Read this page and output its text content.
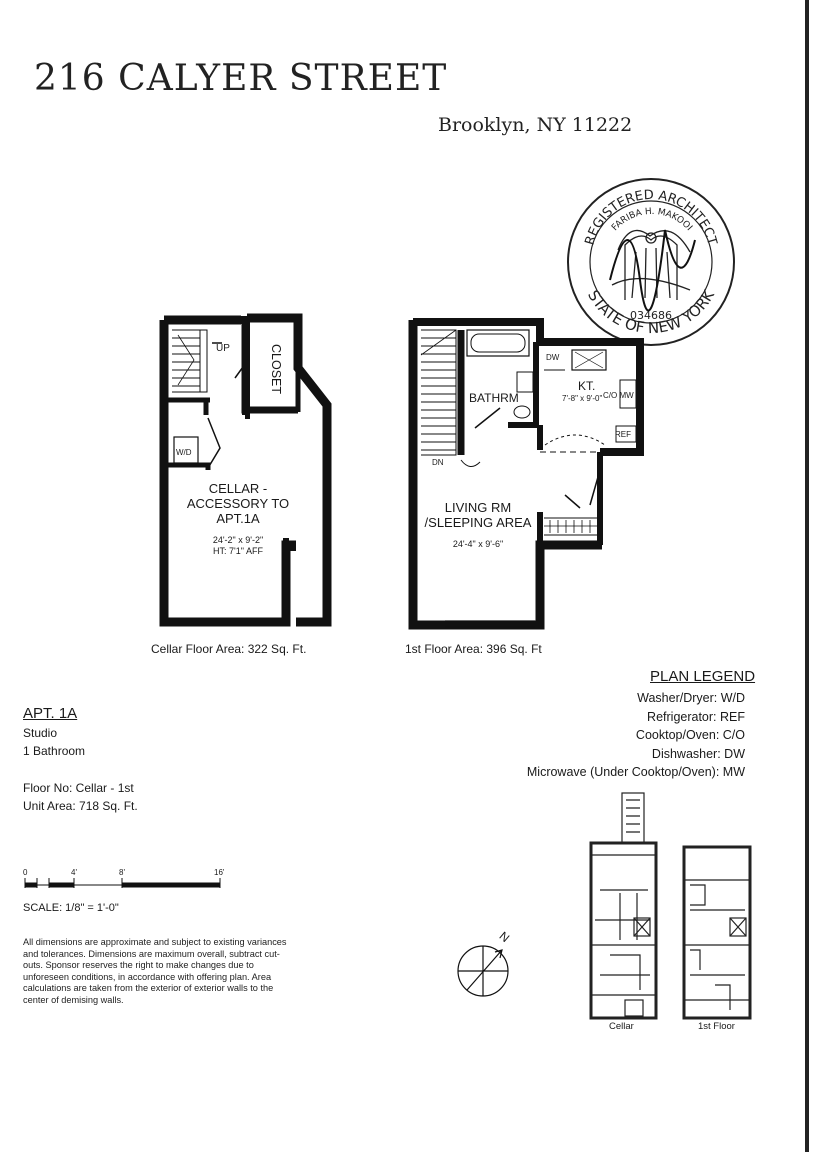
216 CALYER STREET
Brooklyn, NY 11222
REGISTERED ARCHITECT
STATE OF NEW YORK
FARIBA H. MAKOOI
034686
UP	CLOSET
W/D
CELLAR -
ACCESSORY TO
APT.1A
24'-2" x 9'-2"
HT: 7'1" AFF
Cellar Floor Area: 322 Sq. Ft.
DN
BATHRM
DW
KT.
7'-8" x 9'-0" C/O MW
REF
LIVING RM
/SLEEPING AREA
24'-4" x 9'-6"
1st Floor Area: 396 Sq. Ft
PLAN LEGEND
Washer/Dryer: W/D
Refrigerator: REF
Cooktop/Oven: C/O
Dishwasher: DW
Microwave (Under Cooktop/Oven): MW
APT. 1A
Studio
1 Bathroom
Floor No: Cellar - 1st
Unit Area: 718 Sq. Ft.
0	4'	8'	16'
SCALE: 1/8" = 1'-0"
All dimensions are approximate and subject to existing variances and tolerances. Dimensions are maximum overall, subtract cut-outs. Sponsor reserves the right to make changes due to unforeseen conditions, in accordance with offering plan. Area calculations are taken from the exterior of exterior walls to the center of demising walls.
N
Cellar	1st Floor
